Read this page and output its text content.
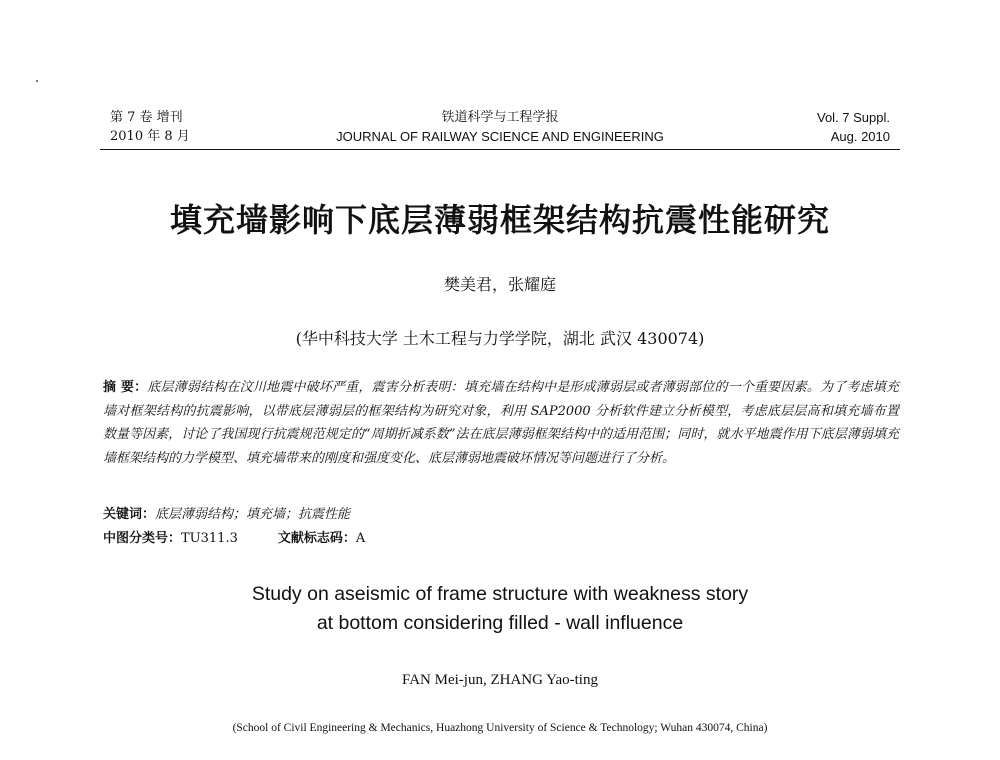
第 7 卷 增刊
2010 年 8 月
铁道科学与工程学报
JOURNAL OF RAILWAY SCIENCE AND ENGINEERING
Vol. 7 Suppl.
Aug. 2010
填充墙影响下底层薄弱框架结构抗震性能研究
樊美君，张耀庭
(华中科技大学 土木工程与力学学院，湖北 武汉 430074)
摘 要：底层薄弱结构在汶川地震中破坏严重，震害分析表明：填充墙在结构中是形成薄弱层或者薄弱部位的一个重要因素。为了考虑填充墙对框架结构的抗震影响，以带底层薄弱层的框架结构为研究对象，利用 SAP2000 分析软件建立分析模型，考虑底层层高和填充墙布置数量等因素，讨论了我国现行抗震规范规定的“周期折减系数”法在底层薄弱框架结构中的适用范围；同时，就水平地震作用下底层薄弱填充墙框架结构的力学模型、填充墙带来的刚度和强度变化、底层薄弱地震破坏情况等问题进行了分析。
关键词：底层薄弱结构；填充墙；抗震性能
中图分类号：TU311.3	文献标志码：A
Study on aseismic of frame structure with weakness story
at bottom considering filled - wall influence
FAN Mei-jun, ZHANG Yao-ting
(School of Civil Engineering & Mechanics, Huazhong University of Science & Technology; Wuhan 430074, China)
